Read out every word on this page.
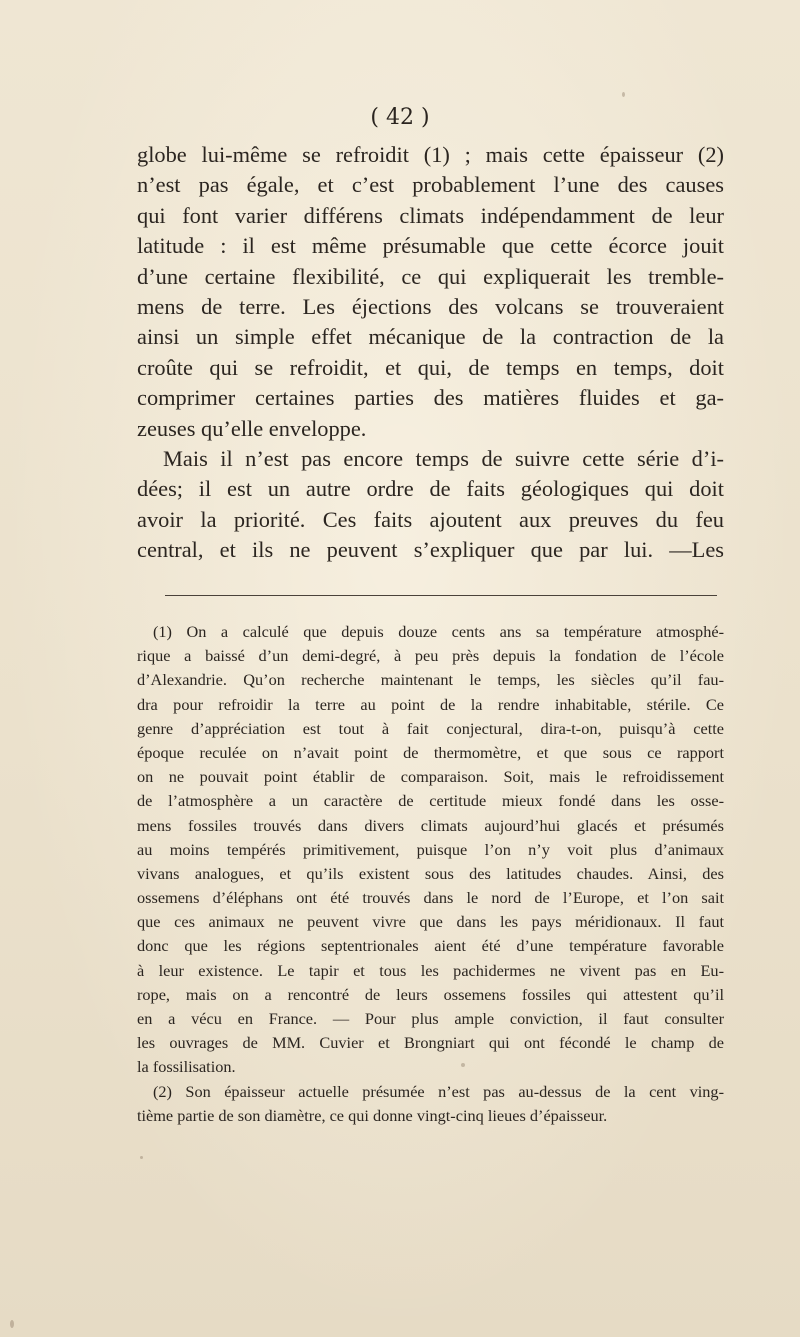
( 42 )
globe lui-même se refroidit (1) ; mais cette épaisseur (2)
n’est pas égale, et c’est probablement l’une des causes
qui font varier différens climats indépendamment de leur
latitude : il est même présumable que cette écorce jouit
d’une certaine flexibilité, ce qui expliquerait les tremble-
mens de terre. Les éjections des volcans se trouveraient
ainsi un simple effet mécanique de la contraction de la
croûte qui se refroidit, et qui, de temps en temps, doit
comprimer certaines parties des matières fluides et ga-
zeuses qu’elle enveloppe.
Mais il n’est pas encore temps de suivre cette série d’i-
dées; il est un autre ordre de faits géologiques qui doit
avoir la priorité. Ces faits ajoutent aux preuves du feu
central, et ils ne peuvent s’expliquer que par lui. —Les
(1) On a calculé que depuis douze cents ans sa température atmosphé-
rique a baissé d’un demi-degré, à peu près depuis la fondation de l’école
d’Alexandrie. Qu’on recherche maintenant le temps, les siècles qu’il fau-
dra pour refroidir la terre au point de la rendre inhabitable, stérile. Ce
genre d’appréciation est tout à fait conjectural, dira-t-on, puisqu’à cette
époque reculée on n’avait point de thermomètre, et que sous ce rapport
on ne pouvait point établir de comparaison. Soit, mais le refroidissement
de l’atmosphère a un caractère de certitude mieux fondé dans les osse-
mens fossiles trouvés dans divers climats aujourd’hui glacés et présumés
au moins tempérés primitivement, puisque l’on n’y voit plus d’animaux
vivans analogues, et qu’ils existent sous des latitudes chaudes. Ainsi, des
ossemens d’éléphans ont été trouvés dans le nord de l’Europe, et l’on sait
que ces animaux ne peuvent vivre que dans les pays méridionaux. Il faut
donc que les régions septentrionales aient été d’une température favorable
à leur existence. Le tapir et tous les pachidermes ne vivent pas en Eu-
rope, mais on a rencontré de leurs ossemens fossiles qui attestent qu’il
en a vécu en France. — Pour plus ample conviction, il faut consulter
les ouvrages de MM. Cuvier et Brongniart qui ont fécondé le champ de
la fossilisation.
(2) Son épaisseur actuelle présumée n’est pas au-dessus de la cent ving-
tième partie de son diamètre, ce qui donne vingt-cinq lieues d’épaisseur.
